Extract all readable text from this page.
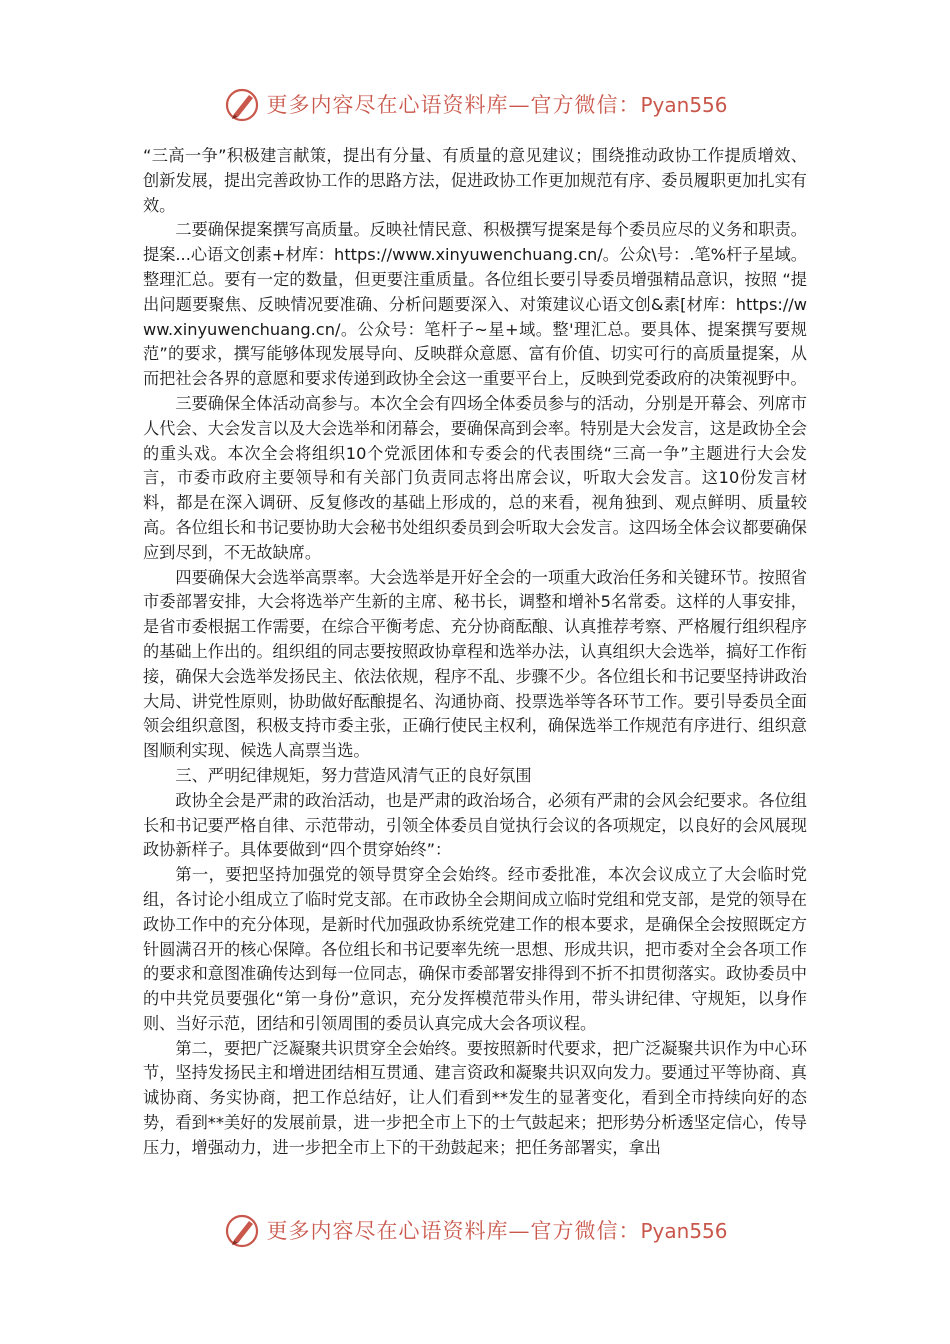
更多内容尽在心语资料库—官方微信：Pyan556

“三高一争”积极建言献策，提出有分量、有质量的意见建议；围绕推动政协工作提质增效、创新发展，提出完善政协工作的思路方法，促进政协工作更加规范有序、委员履职更加扎实有效。

二要确保提案撰写高质量。反映社情民意、积极撰写提案是每个委员应尽的义务和职责。提案...心语文创素+材库：https://www.xinyuwenchuang.cn/。公众\号：.笔%杆子星域。整理汇总。要有一定的数量，但更要注重质量。各位组长要引导委员增强精品意识，按照 “提出问题要聚焦、反映情况要准确、分析问题要深入、对策建议心语文创&素[材库：https://www.xinyuwenchuang.cn/。公众号：笔杆子~星+域。整'理汇总。要具体、提案撰写要规范”的要求，撰写能够体现发展导向、反映群众意愿、富有价值、切实可行的高质量提案，从而把社会各界的意愿和要求传递到政协全会这一重要平台上，反映到党委政府的决策视野中。

三要确保全体活动高参与。本次全会有四场全体委员参与的活动，分别是开幕会、列席市人代会、大会发言以及大会选举和闭幕会，要确保高到会率。特别是大会发言，这是政协全会的重头戏。本次全会将组织10个党派团体和专委会的代表围绕“三高一争”主题进行大会发言，市委市政府主要领导和有关部门负责同志将出席会议，听取大会发言。这10份发言材料，都是在深入调研、反复修改的基础上形成的，总的来看，视角独到、观点鲜明、质量较高。各位组长和书记要协助大会秘书处组织委员到会听取大会发言。这四场全体会议都要确保应到尽到，不无故缺席。

四要确保大会选举高票率。大会选举是开好全会的一项重大政治任务和关键环节。按照省市委部署安排，大会将选举产生新的主席、秘书长，调整和增补5名常委。这样的人事安排，是省市委根据工作需要，在综合平衡考虑、充分协商酝酿、认真推荐考察、严格履行组织程序的基础上作出的。组织组的同志要按照政协章程和选举办法，认真组织大会选举，搞好工作衔接，确保大会选举发扬民主、依法依规，程序不乱、步骤不少。各位组长和书记要坚持讲政治大局、讲党性原则，协助做好酝酿提名、沟通协商、投票选举等各环节工作。要引导委员全面领会组织意图，积极支持市委主张，正确行使民主权利，确保选举工作规范有序进行、组织意图顺利实现、候选人高票当选。

三、严明纪律规矩，努力营造风清气正的良好氛围

政协全会是严肃的政治活动，也是严肃的政治场合，必须有严肃的会风会纪要求。各位组长和书记要严格自律、示范带动，引领全体委员自觉执行会议的各项规定，以良好的会风展现政协新样子。具体要做到“四个贯穿始终”：

第一，要把坚持加强党的领导贯穿全会始终。经市委批准，本次会议成立了大会临时党组，各讨论小组成立了临时党支部。在市政协全会期间成立临时党组和党支部，是党的领导在政协工作中的充分体现，是新时代加强政协系统党建工作的根本要求，是确保全会按照既定方针圆满召开的核心保障。各位组长和书记要率先统一思想、形成共识，把市委对全会各项工作的要求和意图准确传达到每一位同志，确保市委部署安排得到不折不扣贯彻落实。政协委员中的中共党员要强化“第一身份”意识，充分发挥模范带头作用，带头讲纪律、守规矩，以身作则、当好示范，团结和引领周围的委员认真完成大会各项议程。

第二，要把广泛凝聚共识贯穿全会始终。要按照新时代要求，把广泛凝聚共识作为中心环节，坚持发扬民主和增进团结相互贯通、建言资政和凝聚共识双向发力。要通过平等协商、真诚协商、务实协商，把工作总结好，让人们看到**发生的显著变化，看到全市持续向好的态势，看到**美好的发展前景，进一步把全市上下的士气鼓起来；把形势分析透坚定信心，传导压力，增强动力，进一步把全市上下的干劲鼓起来；把任务部署实，拿出

更多内容尽在心语资料库—官方微信：Pyan556
